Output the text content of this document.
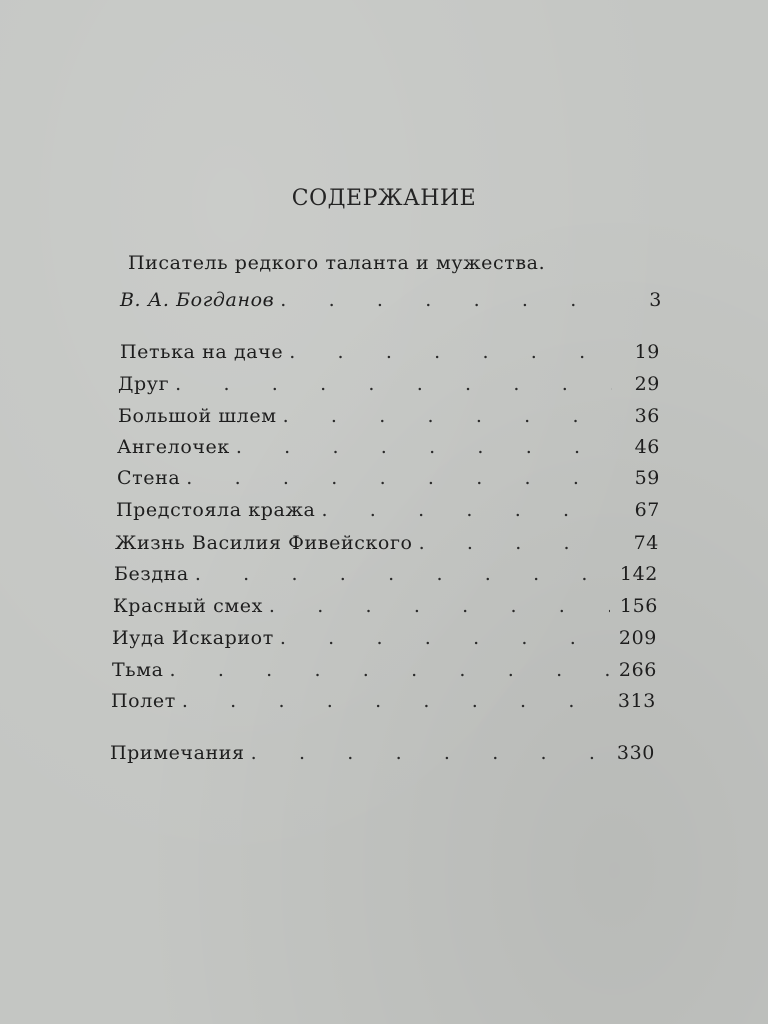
СОДЕРЖАНИЕ
Писатель редкого таланта и мужества.
В. А. Богданов .	3
Петька на даче .	19
Друг .	29
Большой шлем .	36
Ангелочек .	46
Стена .	59
Предстояла кража .	67
Жизнь Василия Фивейского .	74
Бездна .	142
Красный смех .	156
Иуда Искариот .	209
Тьма .	266
Полет .	313
Примечания .	330
